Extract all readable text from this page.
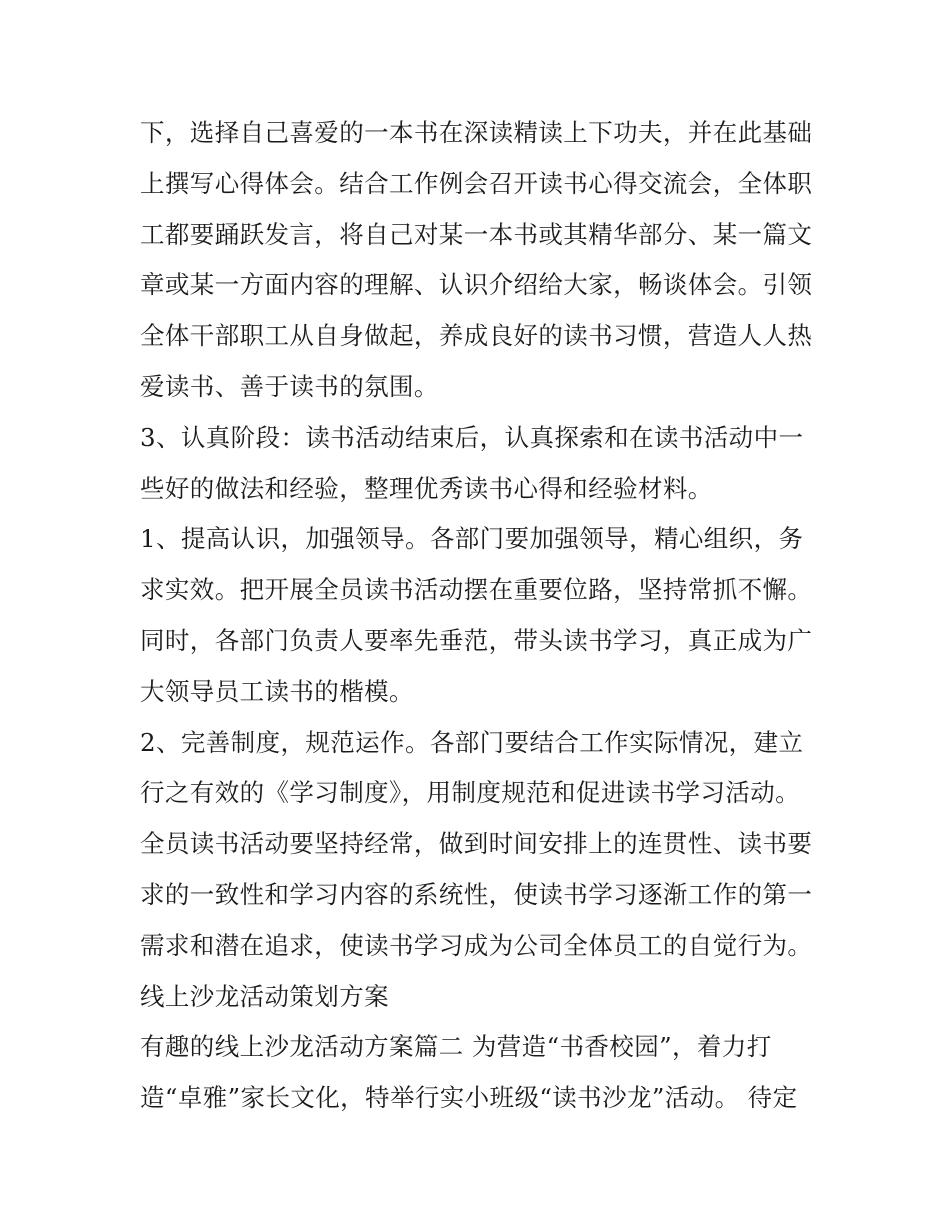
下，选择自己喜爱的一本书在深读精读上下功夫，并在此基础
上撰写心得体会。结合工作例会召开读书心得交流会，全体职
工都要踊跃发言，将自己对某一本书或其精华部分、某一篇文
章或某一方面内容的理解、认识介绍给大家，畅谈体会。引领
全体干部职工从自身做起，养成良好的读书习惯，营造人人热
爱读书、善于读书的氛围。
3、认真阶段：读书活动结束后，认真探索和在读书活动中一
些好的做法和经验，整理优秀读书心得和经验材料。
1、提高认识，加强领导。各部门要加强领导，精心组织，务
求实效。把开展全员读书活动摆在重要位路，坚持常抓不懈。
同时，各部门负责人要率先垂范，带头读书学习，真正成为广
大领导员工读书的楷模。
2、完善制度，规范运作。各部门要结合工作实际情况，建立
行之有效的《学习制度》，用制度规范和促进读书学习活动。
全员读书活动要坚持经常，做到时间安排上的连贯性、读书要
求的一致性和学习内容的系统性，使读书学习逐渐工作的第一
需求和潜在追求，使读书学习成为公司全体员工的自觉行为。
线上沙龙活动策划方案
有趣的线上沙龙活动方案篇二 为营造“书香校园”，着力打
造“卓雅”家长文化，特举行实小班级“读书沙龙”活动。 待定
